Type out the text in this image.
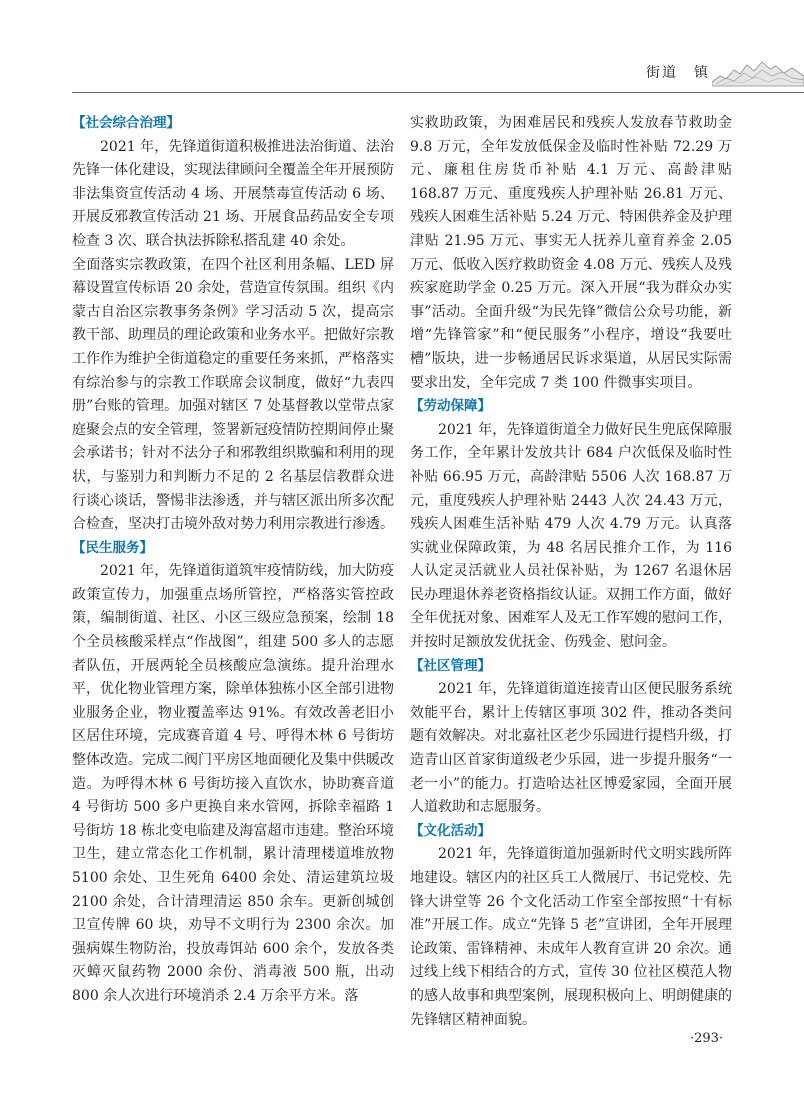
街道　镇
【社会综合治理】

2021 年，先锋道街道积极推进法治街道、法治先锋一体化建设，实现法律顾问全覆盖全年开展预防非法集资宣传活动 4 场、开展禁毒宣传活动 6 场、开展反邪教宣传活动 21 场、开展食品药品安全专项检查 3 次、联合执法拆除私搭乱建 40 余处。

全面落实宗教政策，在四个社区利用条幅、LED 屏幕设置宣传标语 20 余处，营造宣传氛围。组织《内蒙古自治区宗教事务条例》学习活动 5 次，提高宗教干部、助理员的理论政策和业务水平。把做好宗教工作作为维护全街道稳定的重要任务来抓，严格落实有综治参与的宗教工作联席会议制度，做好“九表四册”台账的管理。加强对辖区 7 处基督教以堂带点家庭聚会点的安全管理，签署新冠疫情防控期间停止聚会承诺书；针对不法分子和邪教组织欺骗和利用的现状，与鉴别力和判断力不足的 2 名基层信教群众进行谈心谈话，警惕非法渗透，并与辖区派出所多次配合检查，坚决打击境外敌对势力利用宗教进行渗透。

【民生服务】

2021 年，先锋道街道筑牢疫情防线，加大防疫政策宣传力，加强重点场所管控，严格落实管控政策，编制街道、社区、小区三级应急预案，绘制 18 个全员核酸采样点“作战图”，组建 500 多人的志愿者队伍，开展两轮全员核酸应急演练。提升治理水平，优化物业管理方案，除单体独栋小区全部引进物业服务企业，物业覆盖率达 91%。有效改善老旧小区居住环境，完成赛音道 4 号、呼得木林 6 号街坊整体改造。完成二阀门平房区地面硬化及集中供暖改造。为呼得木林 6 号街坊接入直饮水，协助赛音道 4 号街坊 500 多户更换自来水管网，拆除幸福路 1 号街坊 18 栋北变电临建及海富超市违建。整治环境卫生，建立常态化工作机制，累计清理楼道堆放物 5100 余处、卫生死角 6400 余处、清运建筑垃圾 2100 余处，合计清理清运 850 余车。更新创城创卫宣传牌 60 块，劝导不文明行为 2300 余次。加强病媒生物防治，投放毒饵站 600 余个，发放各类灭蟑灭鼠药物 2000 余份、消毒液 500 瓶，出动 800 余人次进行环境消杀 2.4 万余平方米。落

实救助政策，为困难居民和残疾人发放春节救助金 9.8 万元，全年发放低保金及临时性补贴 72.29 万元、廉租住房货币补贴 4.1 万元、高龄津贴 168.87 万元、重度残疾人护理补贴 26.81 万元、残疾人困难生活补贴 5.24 万元、特困供养金及护理津贴 21.95 万元、事实无人抚养儿童育养金 2.05 万元、低收入医疗救助资金 4.08 万元、残疾人及残疾家庭助学金 0.25 万元。深入开展“我为群众办实事”活动。全面升级“为民先锋”微信公众号功能，新增“先锋管家”和“便民服务”小程序，增设“我要吐槽”版块，进一步畅通居民诉求渠道，从居民实际需要求出发，全年完成 7 类 100 件微事实项目。

【劳动保障】

2021 年，先锋道街道全力做好民生兜底保障服务工作，全年累计发放共计 684 户次低保及临时性补贴 66.95 万元，高龄津贴 5506 人次 168.87 万元，重度残疾人护理补贴 2443 人次 24.43 万元，残疾人困难生活补贴 479 人次 4.79 万元。认真落实就业保障政策，为 48 名居民推介工作，为 116 人认定灵活就业人员社保补贴，为 1267 名退休居民办理退休养老资格指纹认证。双拥工作方面，做好全年优抚对象、困难军人及无工作军嫂的慰问工作，并按时足额放发优抚金、伤残金、慰问金。

【社区管理】

2021 年，先锋道街道连接青山区便民服务系统效能平台，累计上传辖区事项 302 件，推动各类问题有效解决。对北嘉社区老少乐园进行提档升级，打造青山区首家街道级老少乐园，进一步提升服务“一老一小”的能力。打造哈达社区博爱家园，全面开展人道救助和志愿服务。

【文化活动】

2021 年，先锋道街道加强新时代文明实践所阵地建设。辖区内的社区兵工人微展厅、书记党校、先锋大讲堂等 26 个文化活动工作室全部按照“十有标准”开展工作。成立“先锋 5 老”宣讲团，全年开展理论政策、雷锋精神、未成年人教育宣讲 20 余次。通过线上线下相结合的方式，宣传 30 位社区模范人物的感人故事和典型案例，展现积极向上、明朗健康的先锋辖区精神面貌。

·293·
